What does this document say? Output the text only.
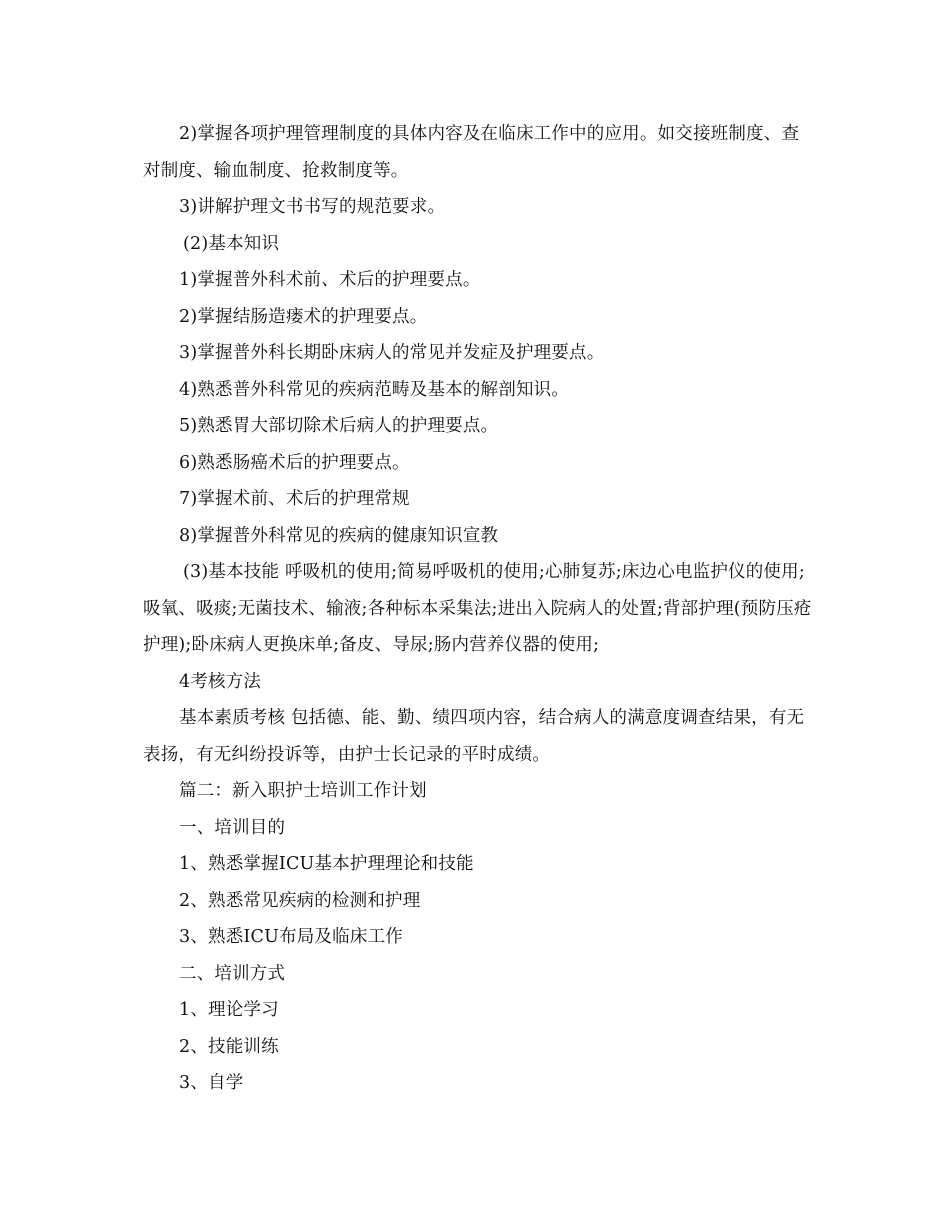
2)掌握各项护理管理制度的具体内容及在临床工作中的应用。如交接班制度、查对制度、输血制度、抢救制度等。

3)讲解护理文书书写的规范要求。

(2)基本知识

1)掌握普外科术前、术后的护理要点。

2)掌握结肠造瘘术的护理要点。

3)掌握普外科长期卧床病人的常见并发症及护理要点。

4)熟悉普外科常见的疾病范畴及基本的解剖知识。

5)熟悉胃大部切除术后病人的护理要点。

6)熟悉肠癌术后的护理要点。

7)掌握术前、术后的护理常规

8)掌握普外科常见的疾病的健康知识宣教

(3)基本技能 呼吸机的使用;简易呼吸机的使用;心肺复苏;床边心电监护仪的使用;吸氧、吸痰;无菌技术、输液;各种标本采集法;进出入院病人的处置;背部护理(预防压疮护理);卧床病人更换床单;备皮、导尿;肠内营养仪器的使用;

4考核方法

基本素质考核 包括德、能、勤、绩四项内容，结合病人的满意度调查结果，有无表扬，有无纠纷投诉等，由护士长记录的平时成绩。

篇二：新入职护士培训工作计划

一、培训目的

1、熟悉掌握ICU基本护理理论和技能

2、熟悉常见疾病的检测和护理

3、熟悉ICU布局及临床工作

二、培训方式

1、理论学习

2、技能训练

3、自学
